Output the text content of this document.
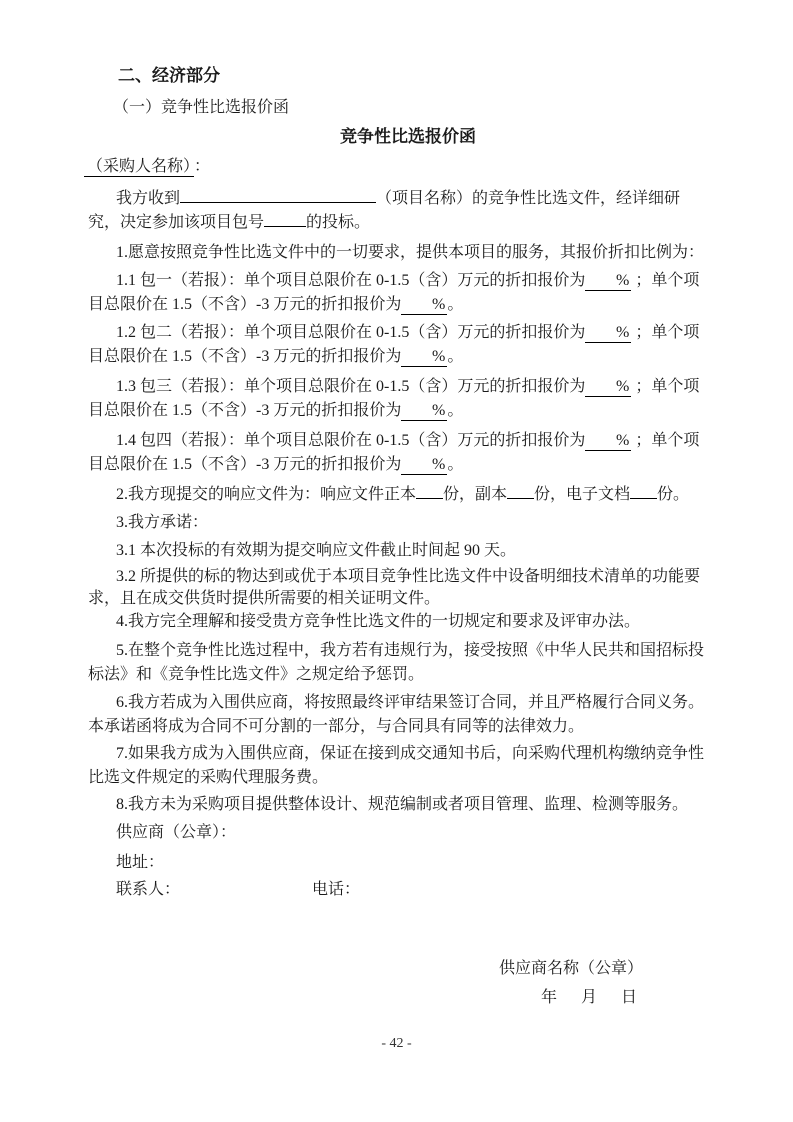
二、经济部分
（一）竞争性比选报价函
竞争性比选报价函
（采购人名称） ：
我方收到	（项目名称）的竞争性比选文件，经详细研
究，决定参加该项目包号	的投标。
1.愿意按照竞争性比选文件中的一切要求，提供本项目的服务，其报价折扣比例为：
1.1 包一（若报）：单个项目总限价在 0-1.5（含）万元的折扣报价为 % ；单个项
目总限价在 1.5（不含）-3 万元的折扣报价为 % 。
1.2 包二（若报）：单个项目总限价在 0-1.5（含）万元的折扣报价为 % ；单个项
目总限价在 1.5（不含）-3 万元的折扣报价为 % 。
1.3 包三（若报）：单个项目总限价在 0-1.5（含）万元的折扣报价为 % ；单个项
目总限价在 1.5（不含）-3 万元的折扣报价为 % 。
1.4 包四（若报）：单个项目总限价在 0-1.5（含）万元的折扣报价为 % ；单个项
目总限价在 1.5（不含）-3 万元的折扣报价为 % 。
2.我方现提交的响应文件为：响应文件正本 份，副本 份，电子文档 份。
3.我方承诺：
3.1 本次投标的有效期为提交响应文件截止时间起 90 天。
3.2 所提供的标的物达到或优于本项目竞争性比选文件中设备明细技术清单的功能要
求，且在成交供货时提供所需要的相关证明文件。
4.我方完全理解和接受贵方竞争性比选文件的一切规定和要求及评审办法。
5.在整个竞争性比选过程中，我方若有违规行为，接受按照《中华人民共和国招标投
标法》和《竞争性比选文件》之规定给予惩罚。
6.我方若成为入围供应商，将按照最终评审结果签订合同，并且严格履行合同义务。
本承诺函将成为合同不可分割的一部分，与合同具有同等的法律效力。
7.如果我方成为入围供应商，保证在接到成交通知书后，向采购代理机构缴纳竞争性
比选文件规定的采购代理服务费。
8.我方未为采购项目提供整体设计、规范编制或者项目管理、监理、检测等服务。
供应商（公章）：
地址：
联系人：	电话：
供应商名称（公章）
年 月 日
- 42 -
